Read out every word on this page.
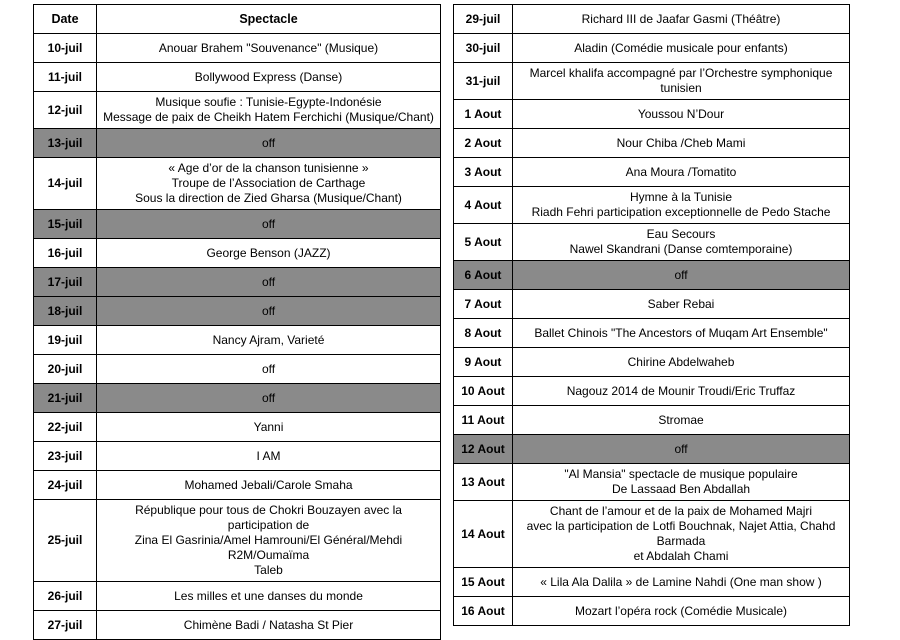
Date	Spectacle
10-juil	Anouar Brahem "Souvenance" (Musique)
11-juil	Bollywood Express (Danse)
12-juil	Musique soufie : Tunisie-Egypte-Indonésie
Message de paix de Cheikh Hatem Ferchichi (Musique/Chant)
13-juil	off
14-juil	« Age d’or de la chanson tunisienne »
Troupe de l’Association de Carthage
Sous la direction de Zied Gharsa (Musique/Chant)
15-juil	off
16-juil	George Benson (JAZZ)
17-juil	off
18-juil	off
19-juil	Nancy Ajram, Varieté
20-juil	off
21-juil	off
22-juil	Yanni
23-juil	I AM
24-juil	Mohamed Jebali/Carole Smaha
25-juil	République pour tous de Chokri Bouzayen avec la participation de
Zina El Gasrinia/Amel Hamrouni/El Général/Mehdi R2M/Oumaïma
Taleb
26-juil	Les milles et une danses du monde
27-juil	Chimène Badi / Natasha St Pier
29-juil	Richard III de Jaafar Gasmi (Théâtre)
30-juil	Aladin (Comédie musicale pour enfants)
31-juil	Marcel khalifa accompagné par l’Orchestre symphonique tunisien
1 Aout	Youssou N’Dour
2 Aout	Nour Chiba /Cheb Mami
3 Aout	Ana Moura /Tomatito
4 Aout	Hymne à la Tunisie
Riadh Fehri participation exceptionnelle de Pedo Stache
5 Aout	Eau Secours
Nawel Skandrani (Danse comtemporaine)
6 Aout	off
7 Aout	Saber Rebai
8 Aout	Ballet Chinois "The Ancestors of Muqam Art Ensemble"
9 Aout	Chirine Abdelwaheb
10 Aout	Nagouz 2014 de Mounir Troudi/Eric Truffaz
11 Aout	Stromae
12 Aout	off
13 Aout	"Al Mansia" spectacle de musique populaire
De Lassaad Ben Abdallah
14 Aout	Chant de l’amour et de la paix de Mohamed Majri
avec la participation de Lotfi Bouchnak, Najet Attia, Chahd Barmada
et Abdalah Chami
15 Aout	« Lila Ala Dalila » de Lamine Nahdi (One man show )
16 Aout	Mozart l’opéra rock (Comédie Musicale)
